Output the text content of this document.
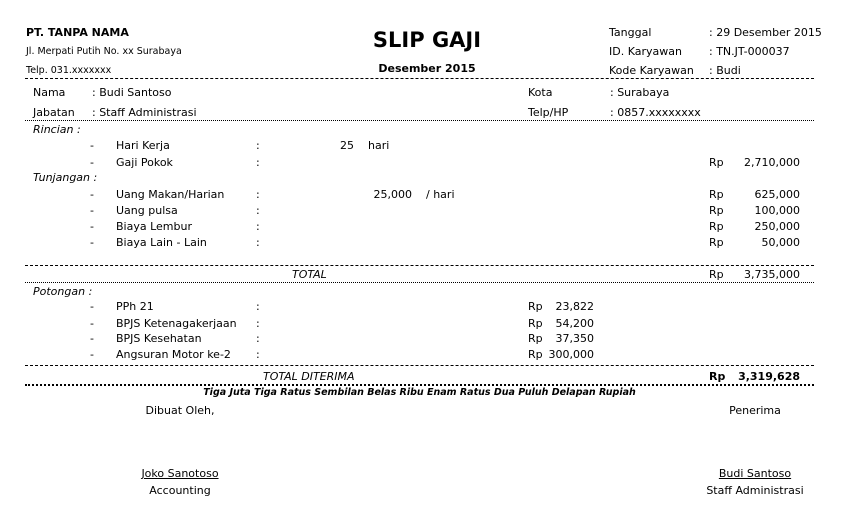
PT. TANPA NAMA
Jl. Merpati Putih No. xx Surabaya
Telp. 031.xxxxxxx
SLIP GAJI
Desember 2015
Tanggal	: 29 Desember 2015
ID. Karyawan : TN.JT-000037
Kode Karyawan : Budi
Nama : Budi Santoso
Jabatan : Staff Administrasi
Kota	: Surabaya
Telp/HP	: 0857.xxxxxxxx
Rincian :
- Hari Kerja	:	25 hari
- Gaji Pokok	:	Rp	2,710,000
Tunjangan :
- Uang Makan/Harian	:	25,000 / hari	Rp	625,000
- Uang pulsa	:	Rp	100,000
- Biaya Lembur	:	Rp	250,000
- Biaya Lain - Lain	:	Rp	50,000
TOTAL	Rp	3,735,000
Potongan :
- PPh 21	:	Rp	23,822
- BPJS Ketenagakerjaan :	Rp	54,200
- BPJS Kesehatan	:	Rp	37,350
- Angsuran Motor ke-2 :	Rp 300,000
TOTAL DITERIMA	Rp	3,319,628
Tiga Juta Tiga Ratus Sembilan Belas Ribu Enam Ratus Dua Puluh Delapan Rupiah
Dibuat Oleh,
Joko Sanotoso
Accounting
Penerima
Budi Santoso
Staff Administrasi
